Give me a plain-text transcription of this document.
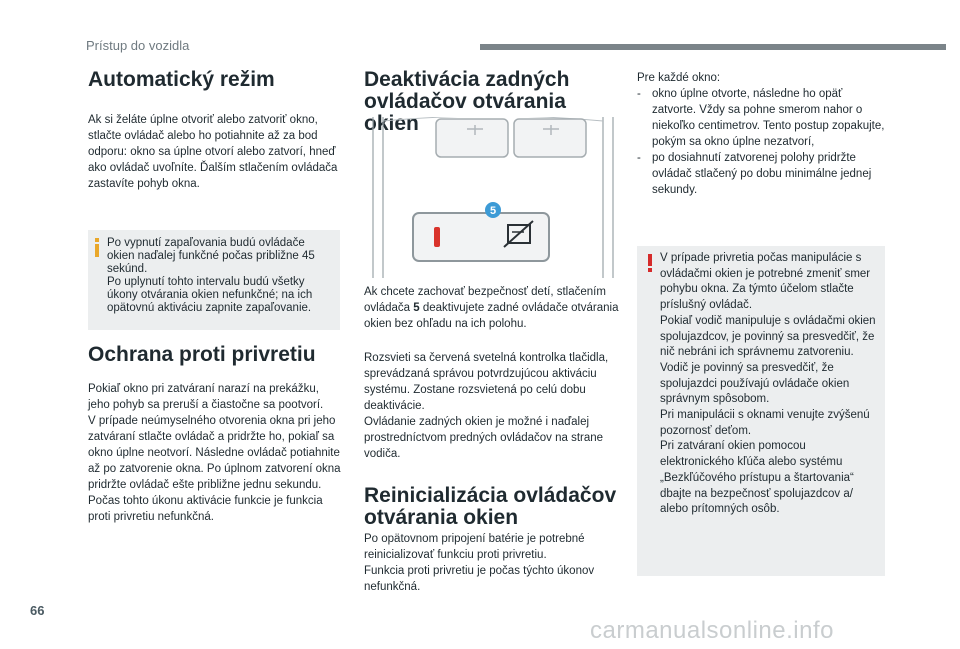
Prístup do vozidla
Automatický režim
Ak si želáte úplne otvoriť alebo zatvoriť okno, stlačte ovládač alebo ho potiahnite až za bod odporu: okno sa úplne otvorí alebo zatvorí, hneď ako ovládač uvoľníte. Ďalším stlačením ovládača zastavíte pohyb okna.
Po vypnutí zapaľovania budú ovládače okien naďalej funkčné počas približne 45 sekúnd.
Po uplynutí tohto intervalu budú všetky úkony otvárania okien nefunkčné; na ich opätovnú aktiváciu zapnite zapaľovanie.
Ochrana proti privretiu
Pokiaľ okno pri zatváraní narazí na prekážku, jeho pohyb sa preruší a čiastočne sa pootvorí.
V prípade neúmyselného otvorenia okna pri jeho zatváraní stlačte ovládač a pridržte ho, pokiaľ sa okno úplne neotvorí. Následne ovládač potiahnite až po zatvorenie okna. Po úplnom zatvorení okna pridržte ovládač ešte približne jednu sekundu.
Počas tohto úkonu aktivácie funkcie je funkcia proti privretiu nefunkčná.
Deaktivácia zadných ovládačov otvárania okien
5
Ak chcete zachovať bezpečnosť detí, stlačením ovládača 5 deaktivujete zadné ovládače otvárania okien bez ohľadu na ich polohu.
Rozsvieti sa červená svetelná kontrolka tlačidla, sprevádzaná správou potvrdzujúcou aktiváciu systému. Zostane rozsvietená po celú dobu deaktivácie.
Ovládanie zadných okien je možné i naďalej prostredníctvom predných ovládačov na strane vodiča.
Reinicializácia ovládačov otvárania okien
Po opätovnom pripojení batérie je potrebné reinicializovať funkciu proti privretiu.
Funkcia proti privretiu je počas týchto úkonov nefunkčná.
Pre každé okno:
- okno úplne otvorte, následne ho opäť zatvorte. Vždy sa pohne smerom nahor o niekoľko centimetrov. Tento postup zopakujte, pokým sa okno úplne nezatvorí,
- po dosiahnutí zatvorenej polohy pridržte ovládač stlačený po dobu minimálne jednej sekundy.
V prípade privretia počas manipulácie s ovládačmi okien je potrebné zmeniť smer pohybu okna. Za týmto účelom stlačte príslušný ovládač.
Pokiaľ vodič manipuluje s ovládačmi okien spolujazdcov, je povinný sa presvedčiť, že nič nebráni ich správnemu zatvoreniu.
Vodič je povinný sa presvedčiť, že spolujazdci používajú ovládače okien správnym spôsobom.
Pri manipulácii s oknami venujte zvýšenú pozornosť deťom.
Pri zatváraní okien pomocou elektronického kľúča alebo systému „Bezkľúčového prístupu a štartovania“ dbajte na bezpečnosť spolujazdcov a/ alebo prítomných osôb.
66
carmanualsonline.info
